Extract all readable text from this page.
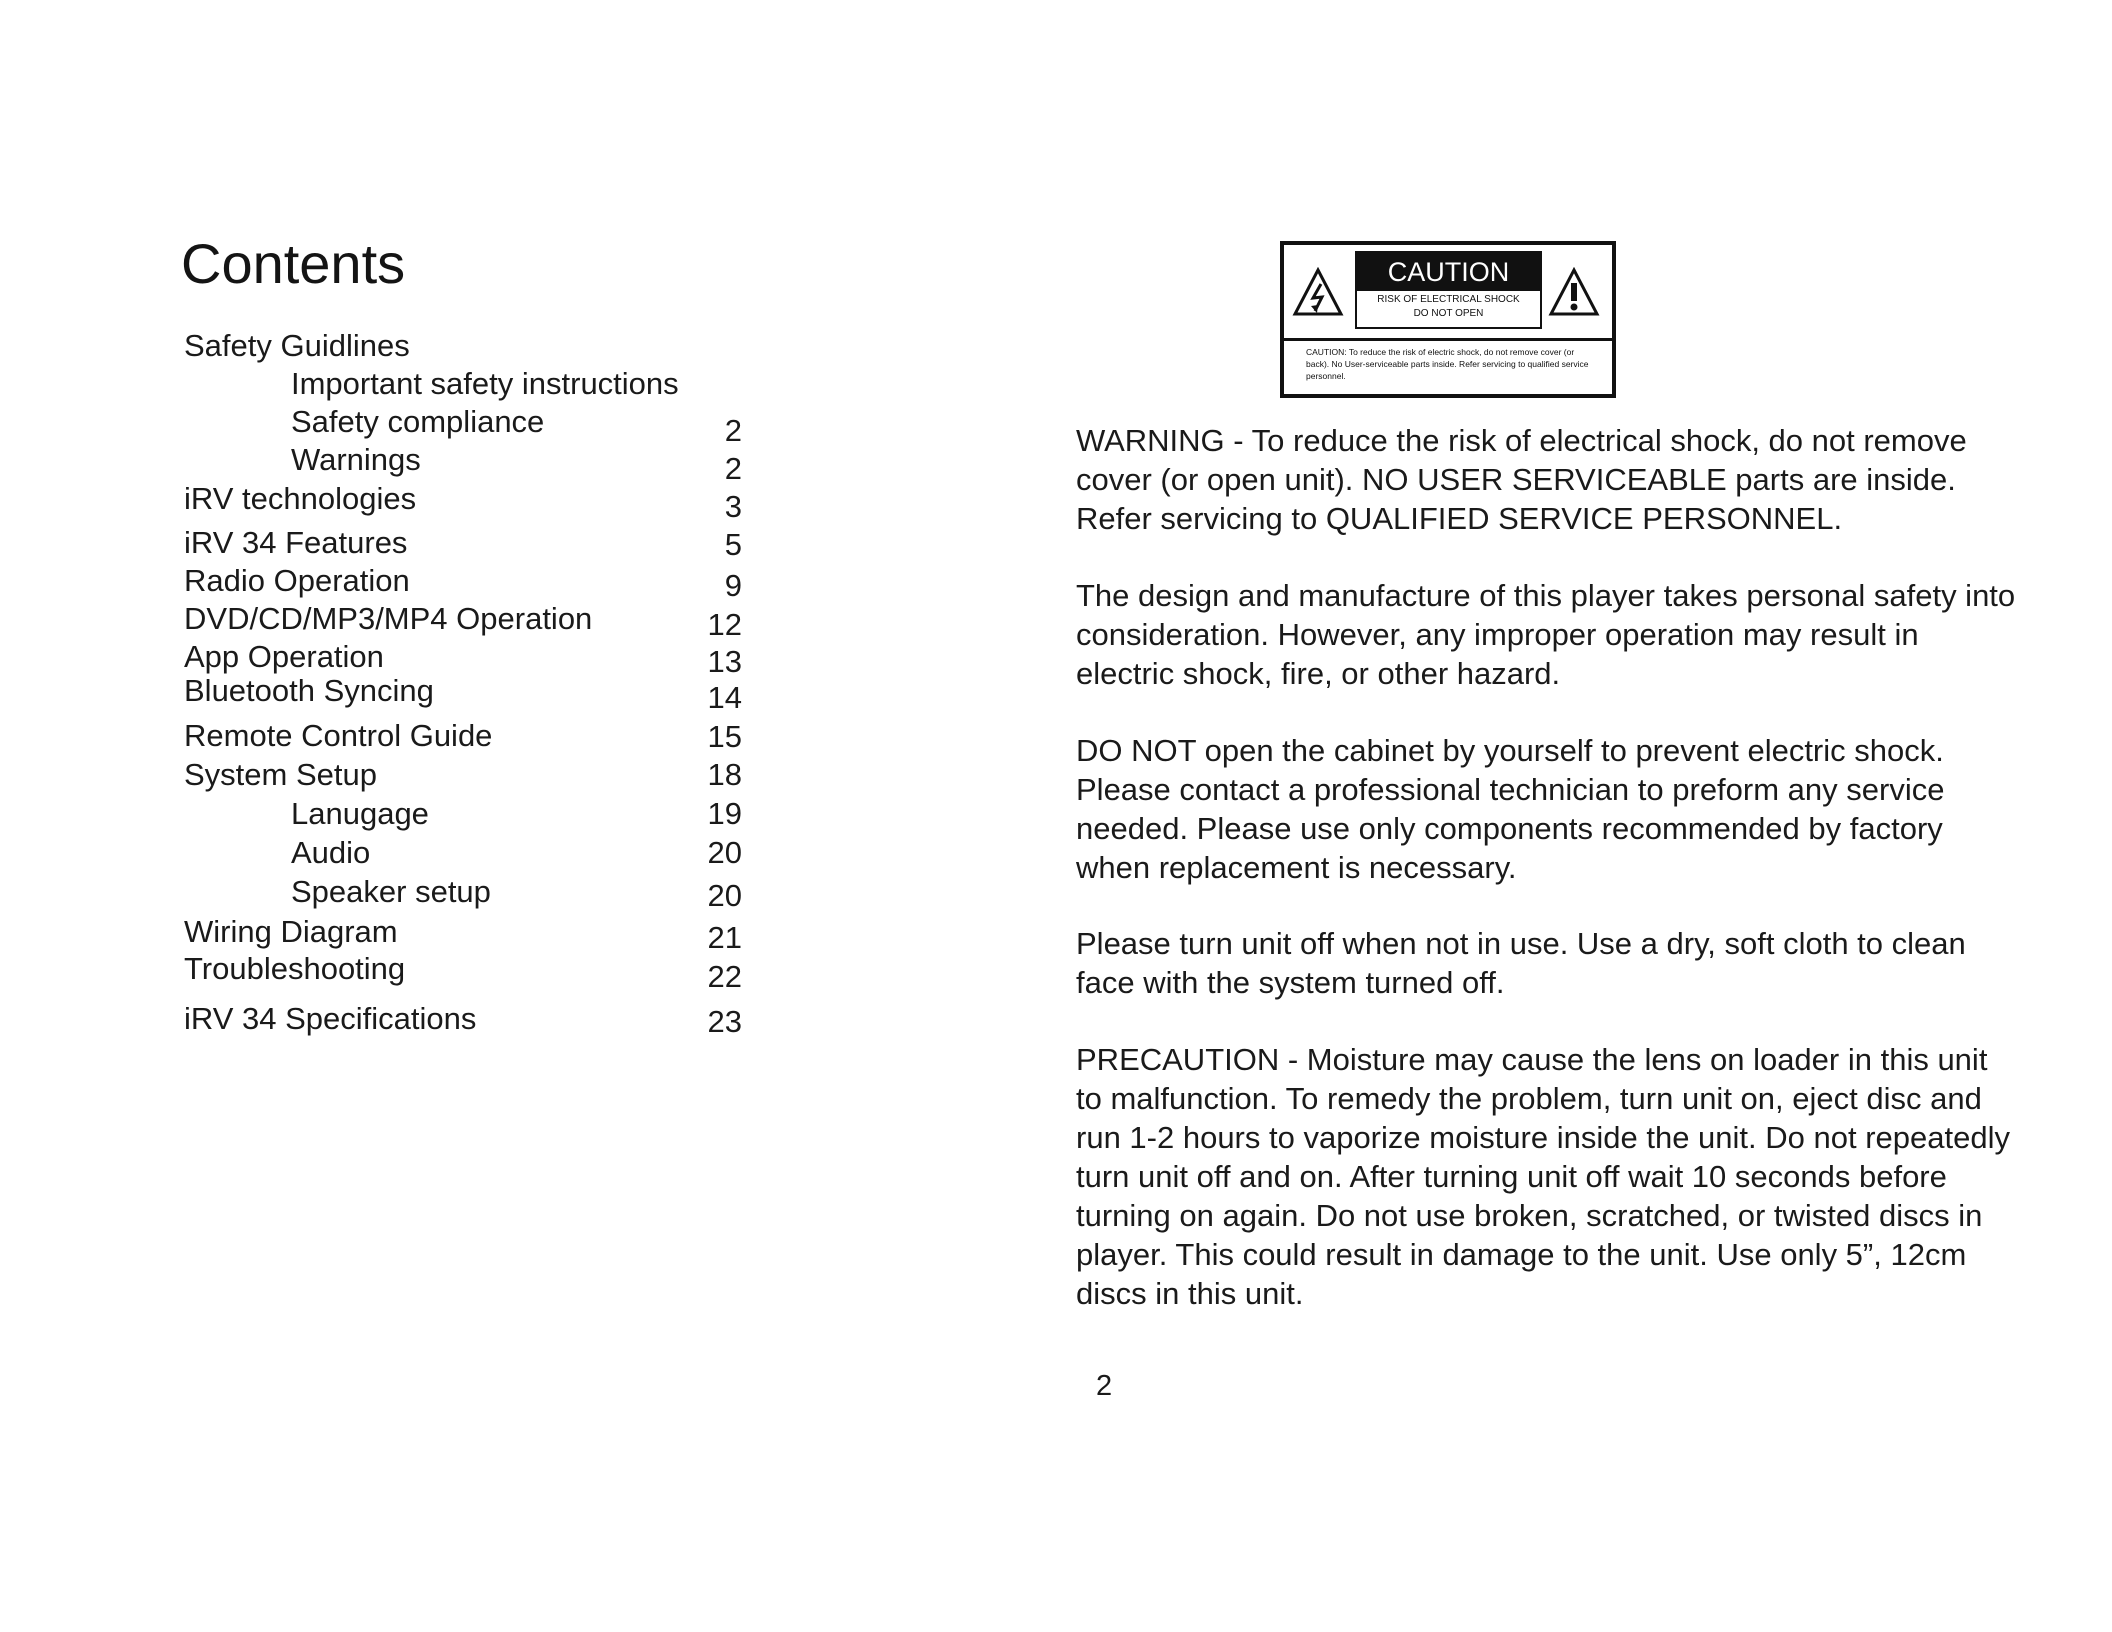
Contents
Safety Guidlines
Important safety instructions
Safety compliance	2
Warnings	2
iRV technologies	3
iRV 34 Features	5
Radio Operation	9
DVD/CD/MP3/MP4 Operation	12
App Operation	13
Bluetooth Syncing	14
Remote Control Guide	15
System Setup	18
Lanugage	19
Audio	20
Speaker setup	20
Wiring Diagram	21
Troubleshooting	22
iRV 34 Specifications	23
CAUTION
RISK OF ELECTRICAL SHOCK
DO NOT OPEN
CAUTION: To reduce the risk of electric shock, do not remove cover (or back). No User-serviceable parts inside. Refer servicing to qualified service personnel.

WARNING - To reduce the risk of electrical shock, do not remove cover (or open unit). NO USER SERVICEABLE parts are inside. Refer servicing to QUALIFIED SERVICE PERSONNEL.

The design and manufacture of this player takes personal safety into consideration. However, any improper operation may result in electric shock, fire, or other hazard.

DO NOT open the cabinet by yourself to prevent electric shock. Please contact a professional technician to preform any service needed. Please use only components recommended by factory when replacement is necessary.

Please turn unit off when not in use. Use a dry, soft cloth to clean face with the system turned off.

PRECAUTION - Moisture may cause the lens on loader in this unit to malfunction. To remedy the problem, turn unit on, eject disc and run 1-2 hours to vaporize moisture inside the unit. Do not repeatedly turn unit off and on. After turning unit off wait 10 seconds before turning on again. Do not use broken, scratched, or twisted discs in player. This could result in damage to the unit. Use only 5”, 12cm discs in this unit.

2
